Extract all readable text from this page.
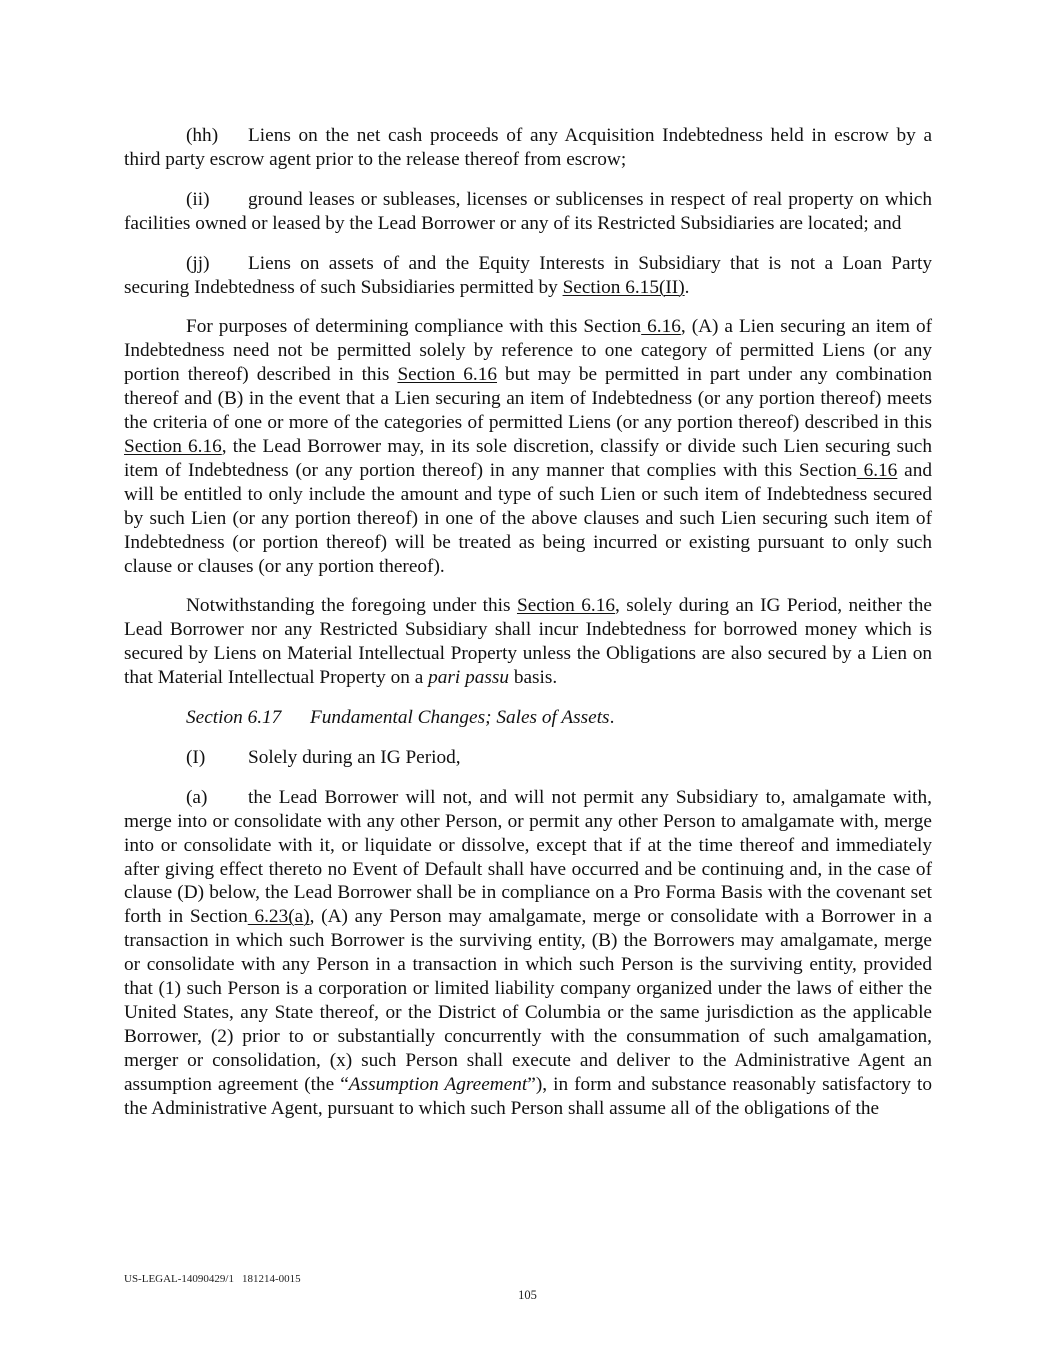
(hh) Liens on the net cash proceeds of any Acquisition Indebtedness held in escrow by a third party escrow agent prior to the release thereof from escrow;

(ii) ground leases or subleases, licenses or sublicenses in respect of real property on which facilities owned or leased by the Lead Borrower or any of its Restricted Subsidiaries are located; and

(jj) Liens on assets of and the Equity Interests in Subsidiary that is not a Loan Party securing Indebtedness of such Subsidiaries permitted by Section 6.15(II).

For purposes of determining compliance with this Section 6.16, (A) a Lien securing an item of Indebtedness need not be permitted solely by reference to one category of permitted Liens (or any portion thereof) described in this Section 6.16 but may be permitted in part under any combination thereof and (B) in the event that a Lien securing an item of Indebtedness (or any portion thereof) meets the criteria of one or more of the categories of permitted Liens (or any portion thereof) described in this Section 6.16, the Lead Borrower may, in its sole discretion, classify or divide such Lien securing such item of Indebtedness (or any portion thereof) in any manner that complies with this Section 6.16 and will be entitled to only include the amount and type of such Lien or such item of Indebtedness secured by such Lien (or any portion thereof) in one of the above clauses and such Lien securing such item of Indebtedness (or portion thereof) will be treated as being incurred or existing pursuant to only such clause or clauses (or any portion thereof).

Notwithstanding the foregoing under this Section 6.16, solely during an IG Period, neither the Lead Borrower nor any Restricted Subsidiary shall incur Indebtedness for borrowed money which is secured by Liens on Material Intellectual Property unless the Obligations are also secured by a Lien on that Material Intellectual Property on a pari passu basis.

Section 6.17 Fundamental Changes; Sales of Assets.

(I) Solely during an IG Period,

(a) the Lead Borrower will not, and will not permit any Subsidiary to, amalgamate with, merge into or consolidate with any other Person, or permit any other Person to amalgamate with, merge into or consolidate with it, or liquidate or dissolve, except that if at the time thereof and immediately after giving effect thereto no Event of Default shall have occurred and be continuing and, in the case of clause (D) below, the Lead Borrower shall be in compliance on a Pro Forma Basis with the covenant set forth in Section 6.23(a), (A) any Person may amalgamate, merge or consolidate with a Borrower in a transaction in which such Borrower is the surviving entity, (B) the Borrowers may amalgamate, merge or consolidate with any Person in a transaction in which such Person is the surviving entity, provided that (1) such Person is a corporation or limited liability company organized under the laws of either the United States, any State thereof, or the District of Columbia or the same jurisdiction as the applicable Borrower, (2) prior to or substantially concurrently with the consummation of such amalgamation, merger or consolidation, (x) such Person shall execute and deliver to the Administrative Agent an assumption agreement (the “Assumption Agreement”), in form and substance reasonably satisfactory to the Administrative Agent, pursuant to which such Person shall assume all of the obligations of the

US-LEGAL-14090429/1 181214-0015
105
